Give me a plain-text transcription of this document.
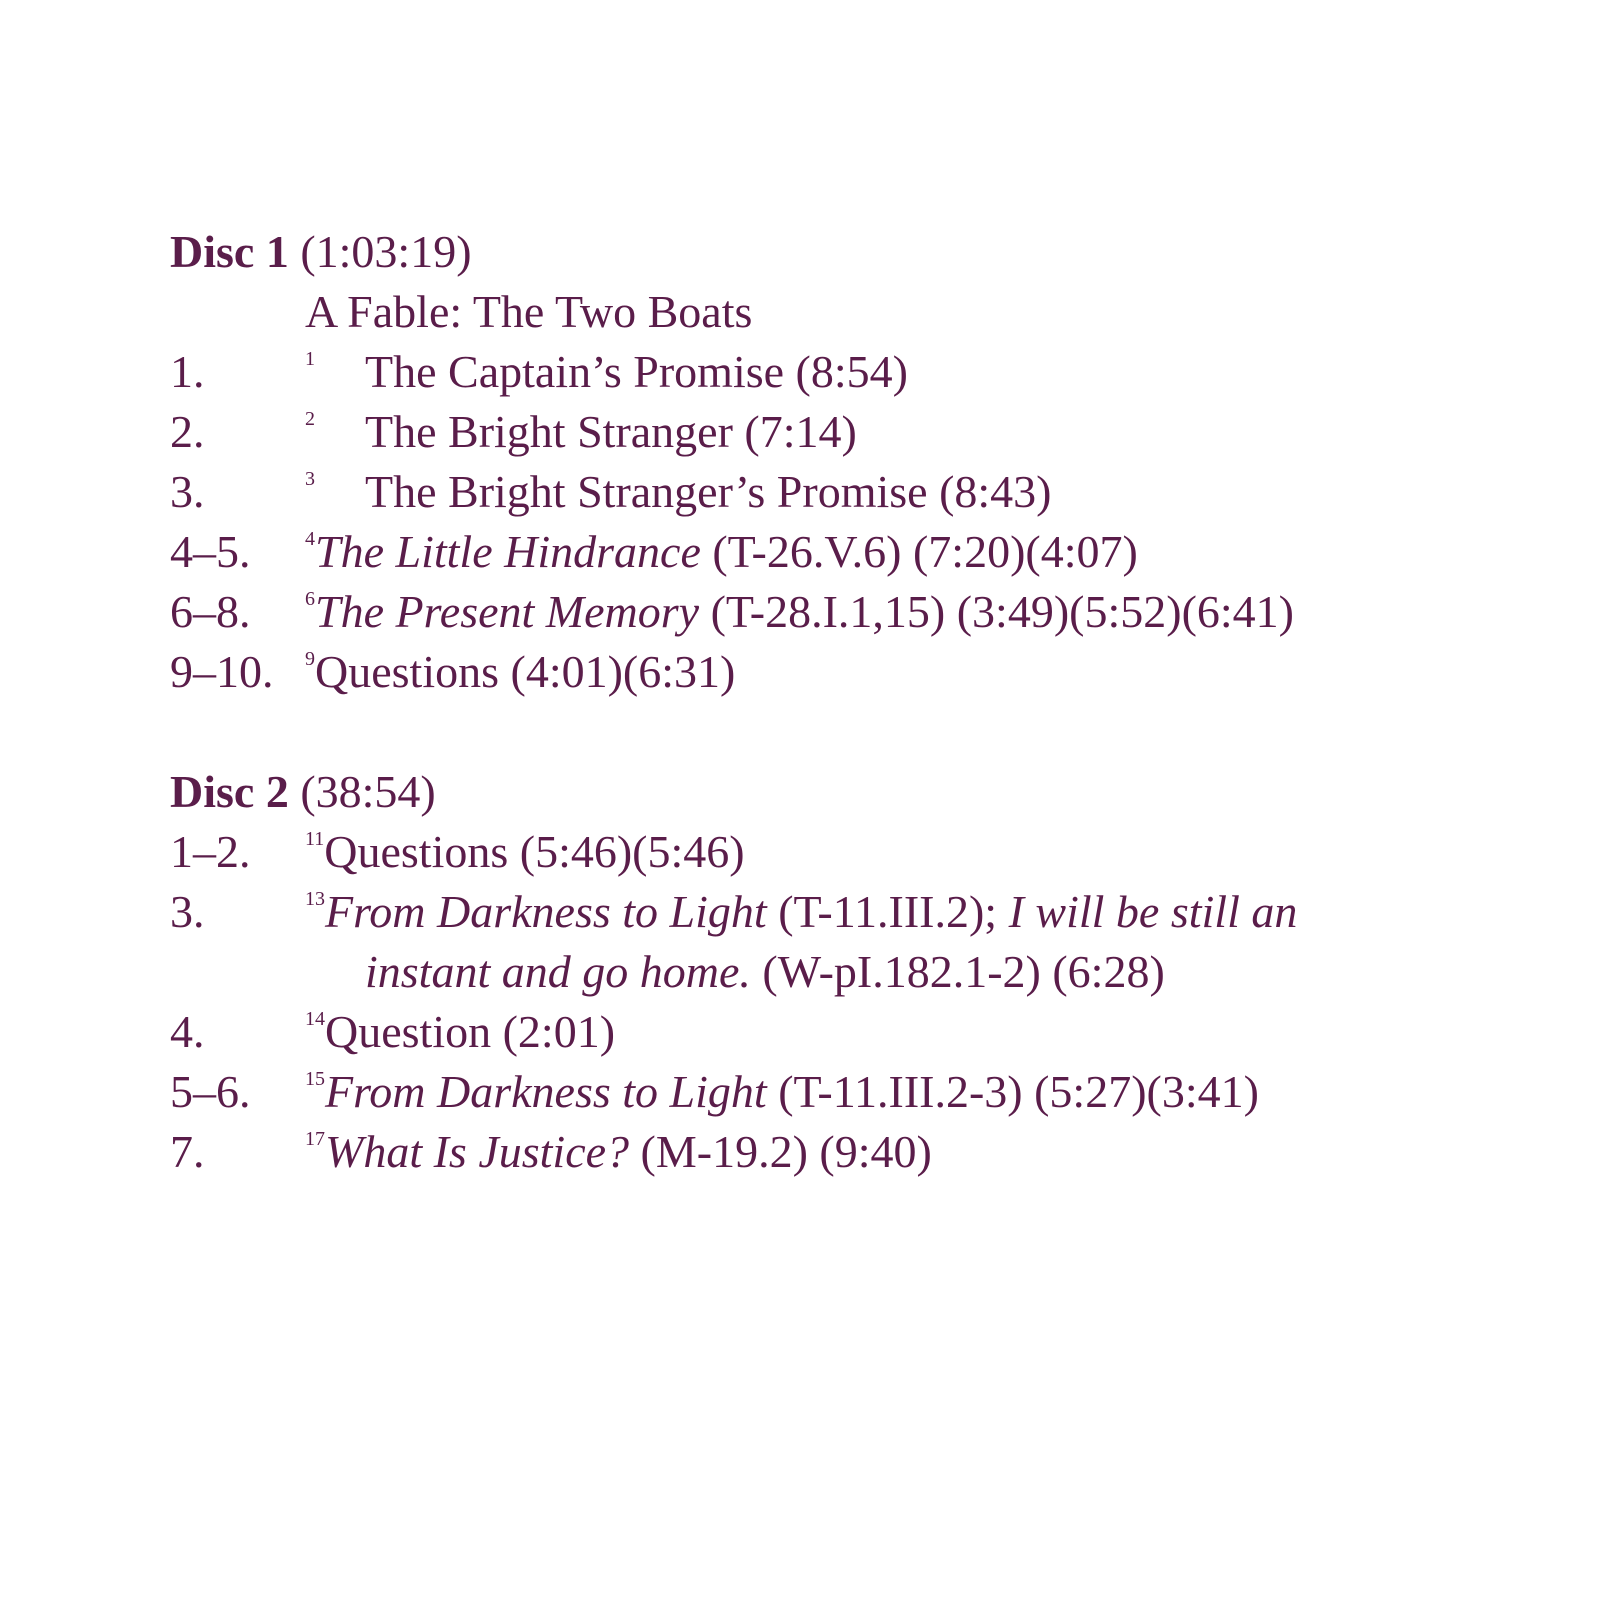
Disc 1 (1:03:19)
A Fable: The Two Boats
1.	1 The Captain’s Promise (8:54)
2.	2 The Bright Stranger (7:14)
3.	3 The Bright Stranger’s Promise (8:43)
4–5.	$^4$The Little Hindrance (T-26.V.6) (7:20)(4:07)
6–8.	$^6$The Present Memory (T-28.I.1,15) (3:49)(5:52)(6:41)
9–10. $^9$Questions (4:01)(6:31)
Disc 2 (38:54)
1–2.	$^{11}$Questions (5:46)(5:46)
3.	$^{13}$From Darkness to Light (T-11.III.2); I will be still an instant and go home. (W-pI.182.1-2) (6:28)
4.	$^{14}$Question (2:01)
5–6.	$^{15}$From Darkness to Light (T-11.III.2-3) (5:27)(3:41)
7.	$^{17}$What Is Justice? (M-19.2) (9:40)
